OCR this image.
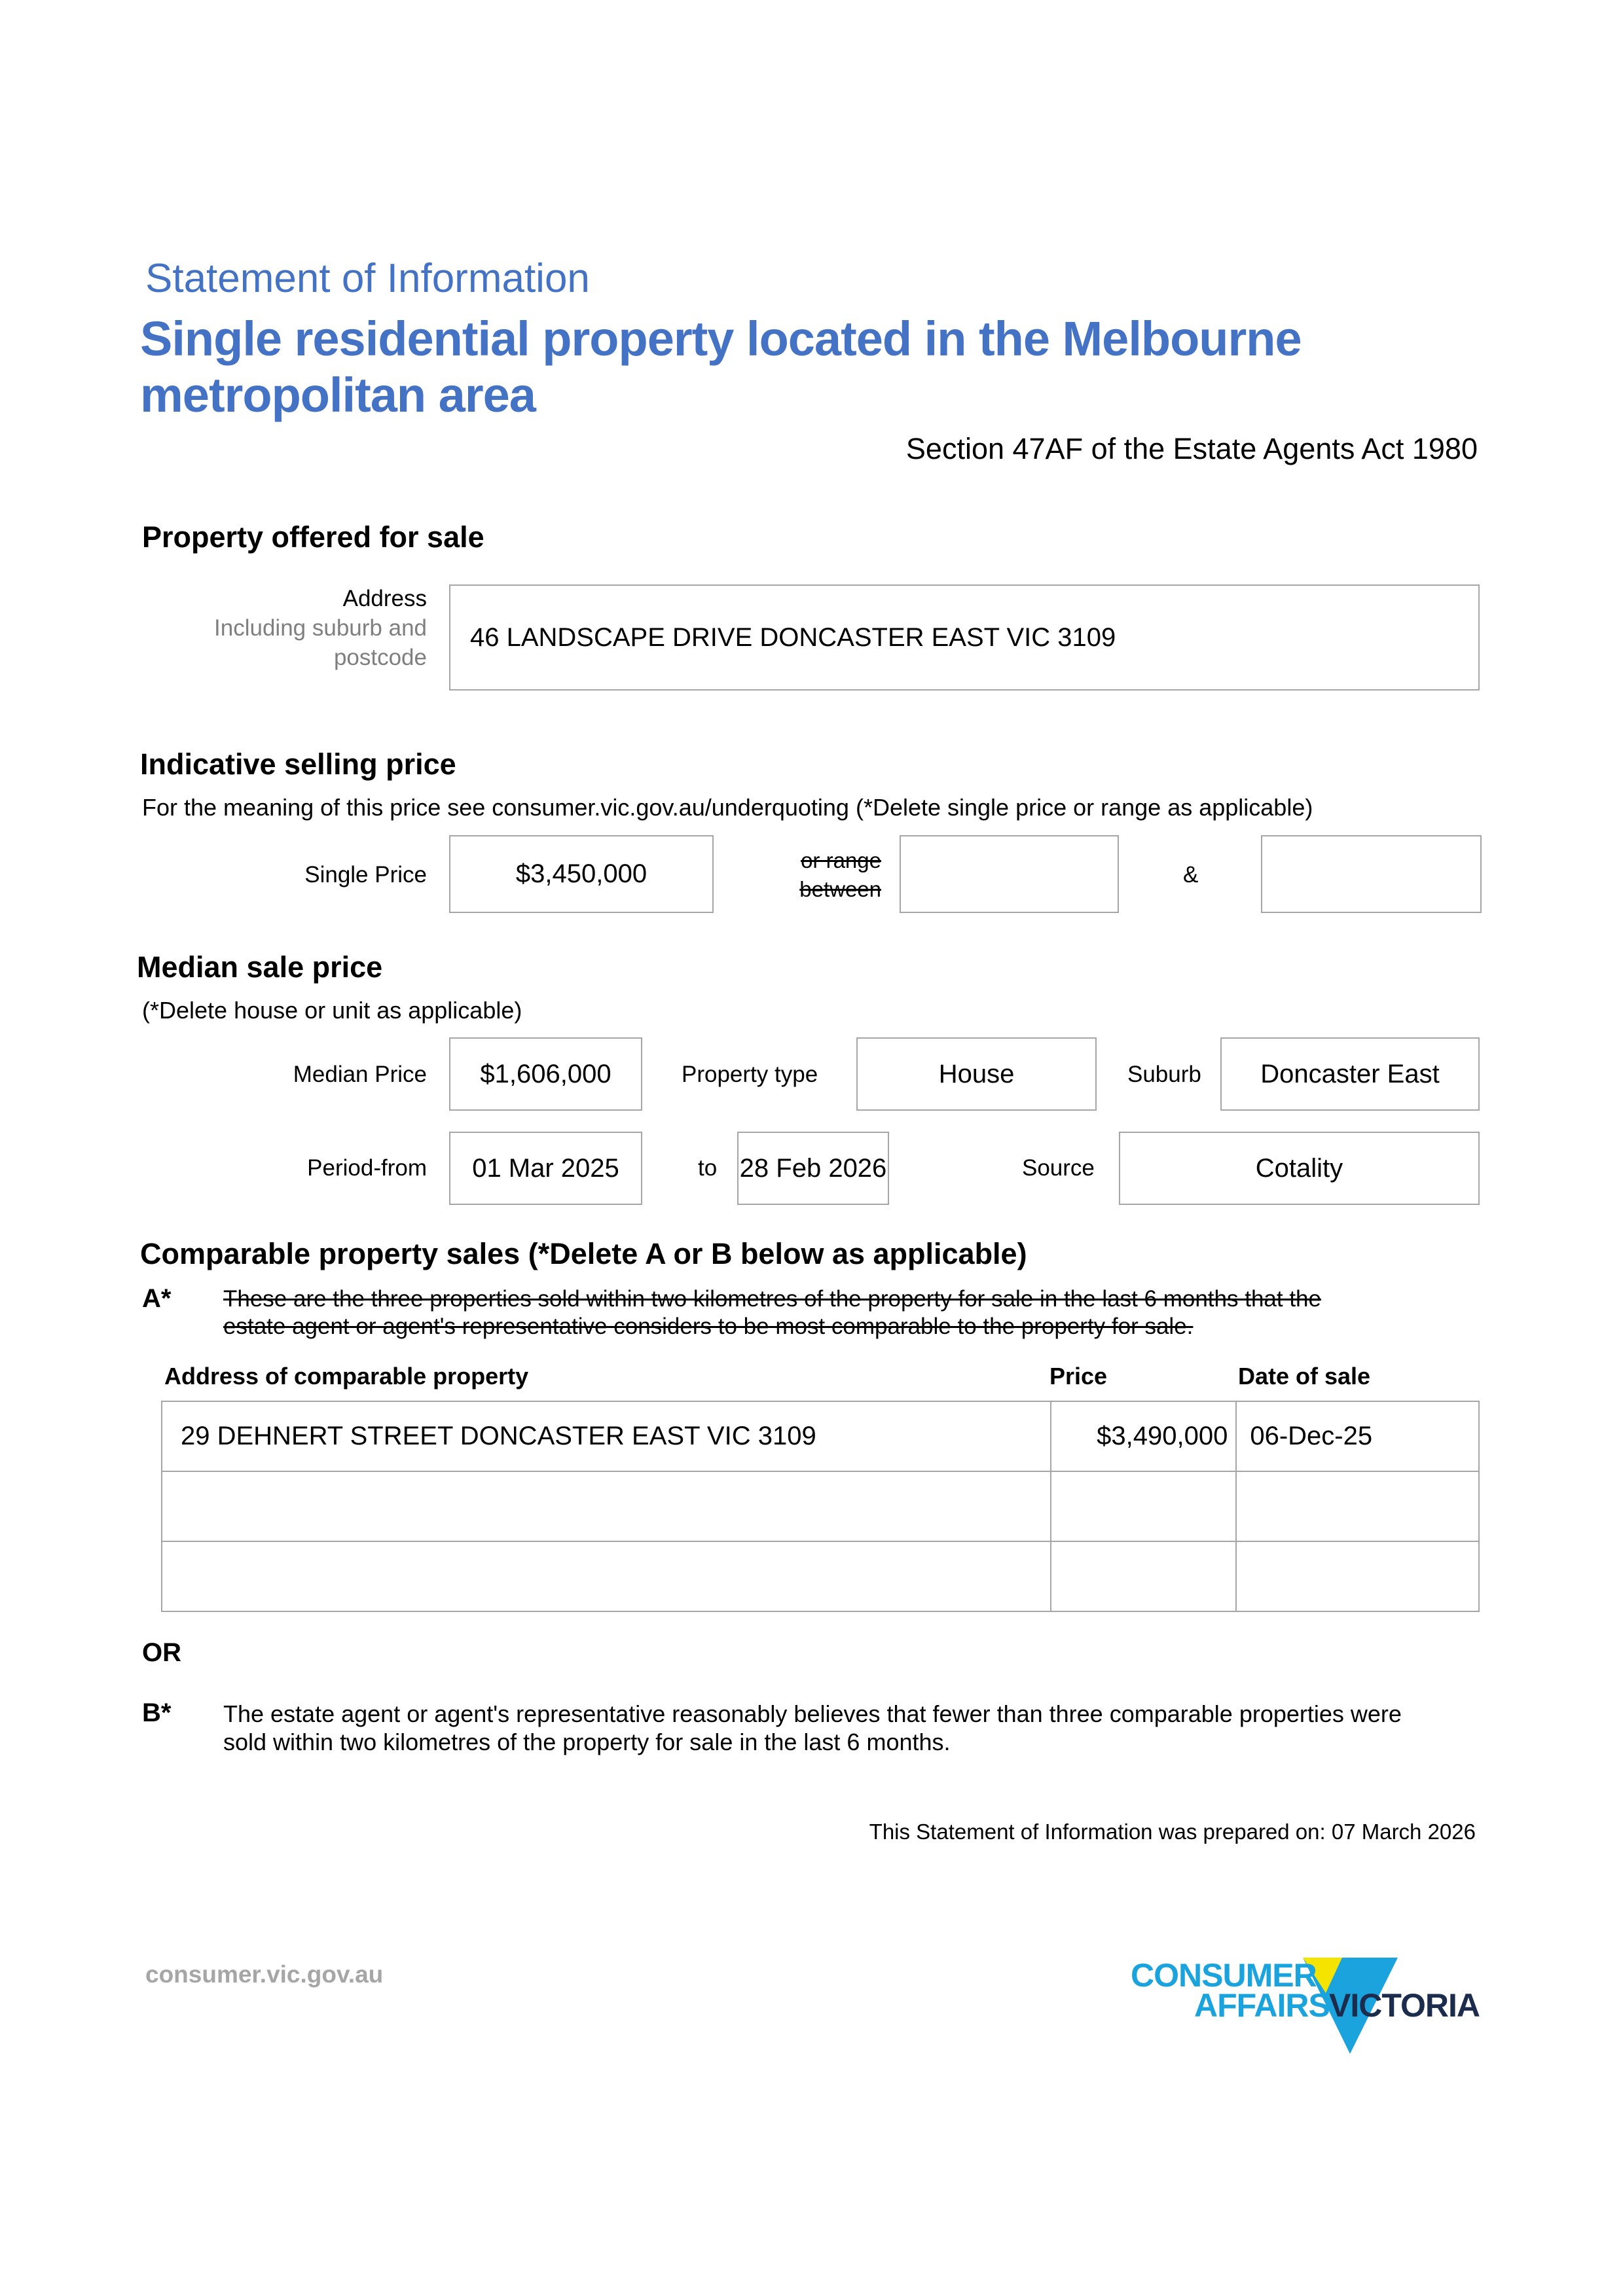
Statement of Information
Single residential property located in the Melbourne
metropolitan area
Section 47AF of the Estate Agents Act 1980
Property offered for sale
Address
Including suburb and
postcode
46 LANDSCAPE DRIVE DONCASTER EAST VIC 3109
Indicative selling price
For the meaning of this price see consumer.vic.gov.au/underquoting (*Delete single price or range as applicable)
Single Price	$3,450,000	or range
between
&
Median sale price
(*Delete house or unit as applicable)
Median Price $1,606,000	Property type	House	Suburb Doncaster East
Period-from 01 Mar 2025	to 28 Feb 2026	Source	Cotality
Comparable property sales (*Delete A or B below as applicable)
A* These are the three properties sold within two kilometres of the property for sale in the last 6 months that the
estate agent or agent's representative considers to be most comparable to the property for sale.
Address of comparable property	Price	Date of sale
29 DEHNERT STREET DONCASTER EAST VIC 3109	$3,490,000	06-Dec-25

OR
B* The estate agent or agent's representative reasonably believes that fewer than three comparable properties were
sold within two kilometres of the property for sale in the last 6 months.
This Statement of Information was prepared on: 07 March 2026
consumer.vic.gov.au	CONSUMER
AFFAIRS VICTORIA
